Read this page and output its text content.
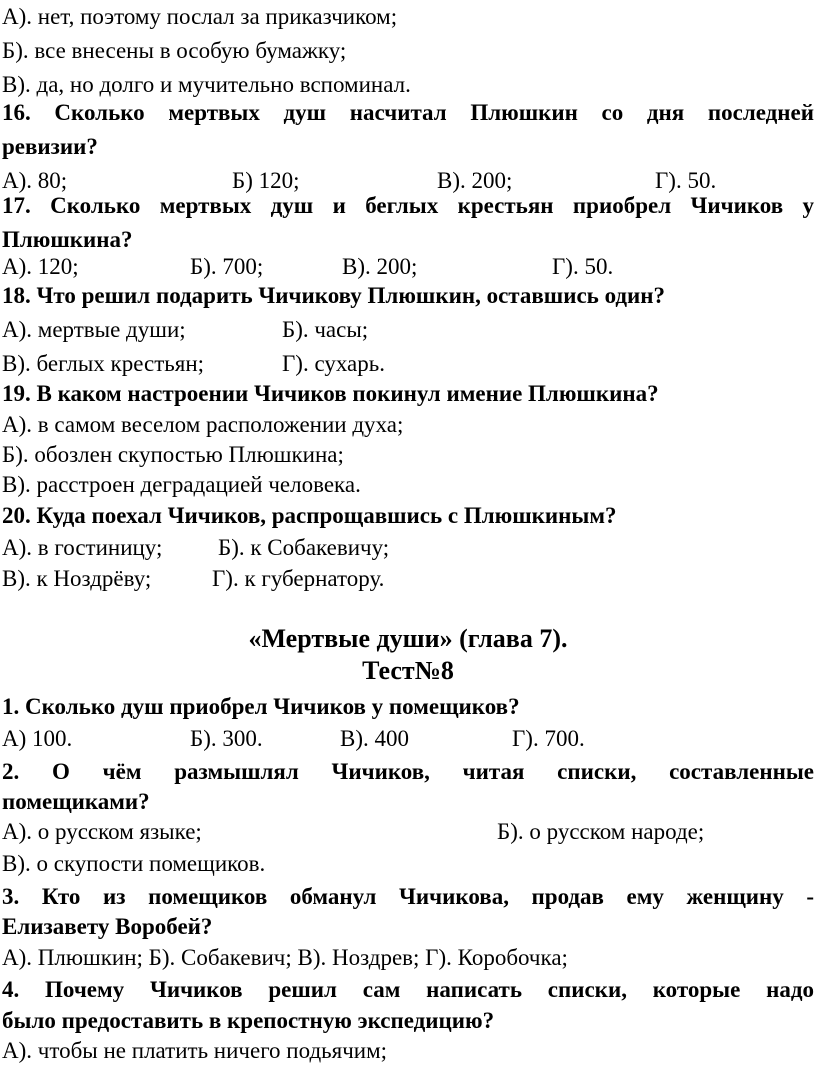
А). нет, поэтому послал за приказчиком;
Б). все внесены в особую бумажку;
В). да, но долго и мучительно вспоминал.
16. Сколько мертвых душ насчитал Плюшкин со дня последней
ревизии?
А). 80;	Б) 120;	В). 200;	Г). 50.
17. Сколько мертвых душ и беглых крестьян приобрел Чичиков у
Плюшкина?
А). 120;	Б). 700;	В). 200;	Г). 50.
18. Что решил подарить Чичикову Плюшкин, оставшись один?
А). мертвые души;	Б). часы;
В). беглых крестьян;	Г). сухарь.
19. В каком настроении Чичиков покинул имение Плюшкина?
А). в самом веселом расположении духа;
Б). обозлен скупостью Плюшкина;
В). расстроен деградацией человека.
20. Куда поехал Чичиков, распрощавшись с Плюшкиным?
А). в гостиницу; Б). к Собакевичу;
В). к Ноздрёву;	Г). к губернатору.
«Мертвые души» (глава 7).
Тест№8
1. Сколько душ приобрел Чичиков у помещиков?
А) 100.	Б). 300.	В). 400	Г). 700.
2. О чём размышлял Чичиков, читая списки, составленные
помещиками?
А). о русском языке;	Б). о русском народе;
В). о скупости помещиков.
3. Кто из помещиков обманул Чичикова, продав ему женщину -
Елизавету Воробей?
А). Плюшкин; Б). Собакевич; В). Ноздрев; Г). Коробочка;
4. Почему Чичиков решил сам написать списки, которые надо
было предоставить в крепостную экспедицию?
А). чтобы не платить ничего подьячим;
